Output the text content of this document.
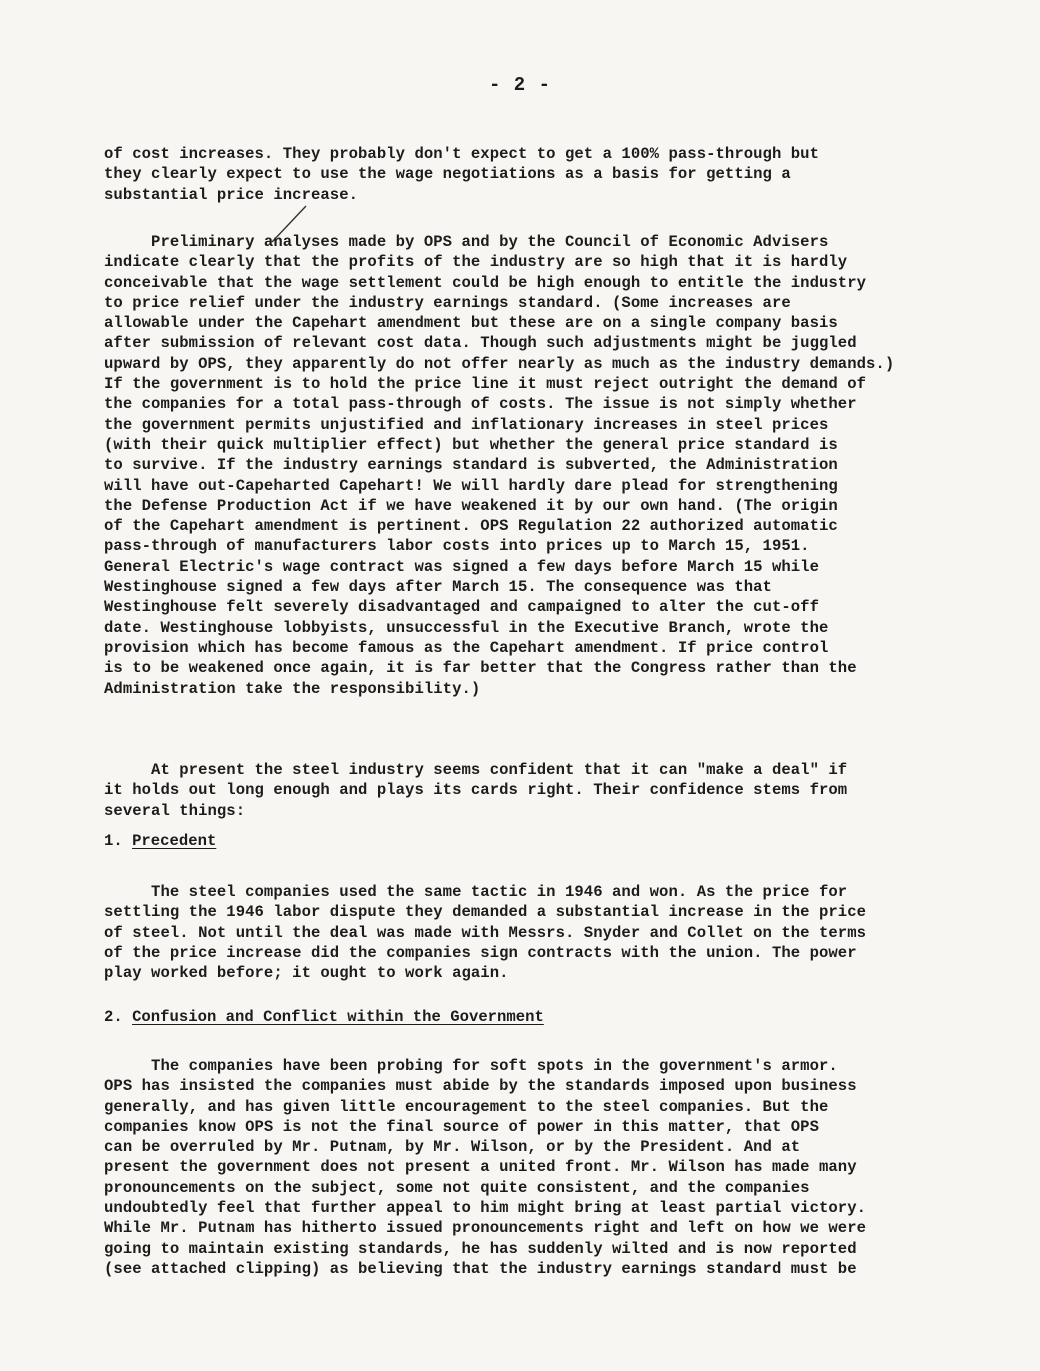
- 2 -
of cost increases. They probably don't expect to get a 100% pass-through but
they clearly expect to use the wage negotiations as a basis for getting a
substantial price increase.
Preliminary analyses made by OPS and by the Council of Economic Advisers
indicate clearly that the profits of the industry are so high that it is hardly
conceivable that the wage settlement could be high enough to entitle the industry
to price relief under the industry earnings standard. (Some increases are
allowable under the Capehart amendment but these are on a single company basis
after submission of relevant cost data. Though such adjustments might be juggled
upward by OPS, they apparently do not offer nearly as much as the industry demands.)
If the government is to hold the price line it must reject outright the demand of
the companies for a total pass-through of costs. The issue is not simply whether
the government permits unjustified and inflationary increases in steel prices
(with their quick multiplier effect) but whether the general price standard is
to survive. If the industry earnings standard is subverted, the Administration
will have out-Capeharted Capehart! We will hardly dare plead for strengthening
the Defense Production Act if we have weakened it by our own hand. (The origin
of the Capehart amendment is pertinent. OPS Regulation 22 authorized automatic
pass-through of manufacturers labor costs into prices up to March 15, 1951.
General Electric's wage contract was signed a few days before March 15 while
Westinghouse signed a few days after March 15. The consequence was that
Westinghouse felt severely disadvantaged and campaigned to alter the cut-off
date. Westinghouse lobbyists, unsuccessful in the Executive Branch, wrote the
provision which has become famous as the Capehart amendment. If price control
is to be weakened once again, it is far better that the Congress rather than the
Administration take the responsibility.)
At present the steel industry seems confident that it can "make a deal" if
it holds out long enough and plays its cards right. Their confidence stems from
several things:
1. Precedent
The steel companies used the same tactic in 1946 and won. As the price for
settling the 1946 labor dispute they demanded a substantial increase in the price
of steel. Not until the deal was made with Messrs. Snyder and Collet on the terms
of the price increase did the companies sign contracts with the union. The power
play worked before; it ought to work again.
2. Confusion and Conflict within the Government
The companies have been probing for soft spots in the government's armor.
OPS has insisted the companies must abide by the standards imposed upon business
generally, and has given little encouragement to the steel companies. But the
companies know OPS is not the final source of power in this matter, that OPS
can be overruled by Mr. Putnam, by Mr. Wilson, or by the President. And at
present the government does not present a united front. Mr. Wilson has made many
pronouncements on the subject, some not quite consistent, and the companies
undoubtedly feel that further appeal to him might bring at least partial victory.
While Mr. Putnam has hitherto issued pronouncements right and left on how we were
going to maintain existing standards, he has suddenly wilted and is now reported
(see attached clipping) as believing that the industry earnings standard must be
